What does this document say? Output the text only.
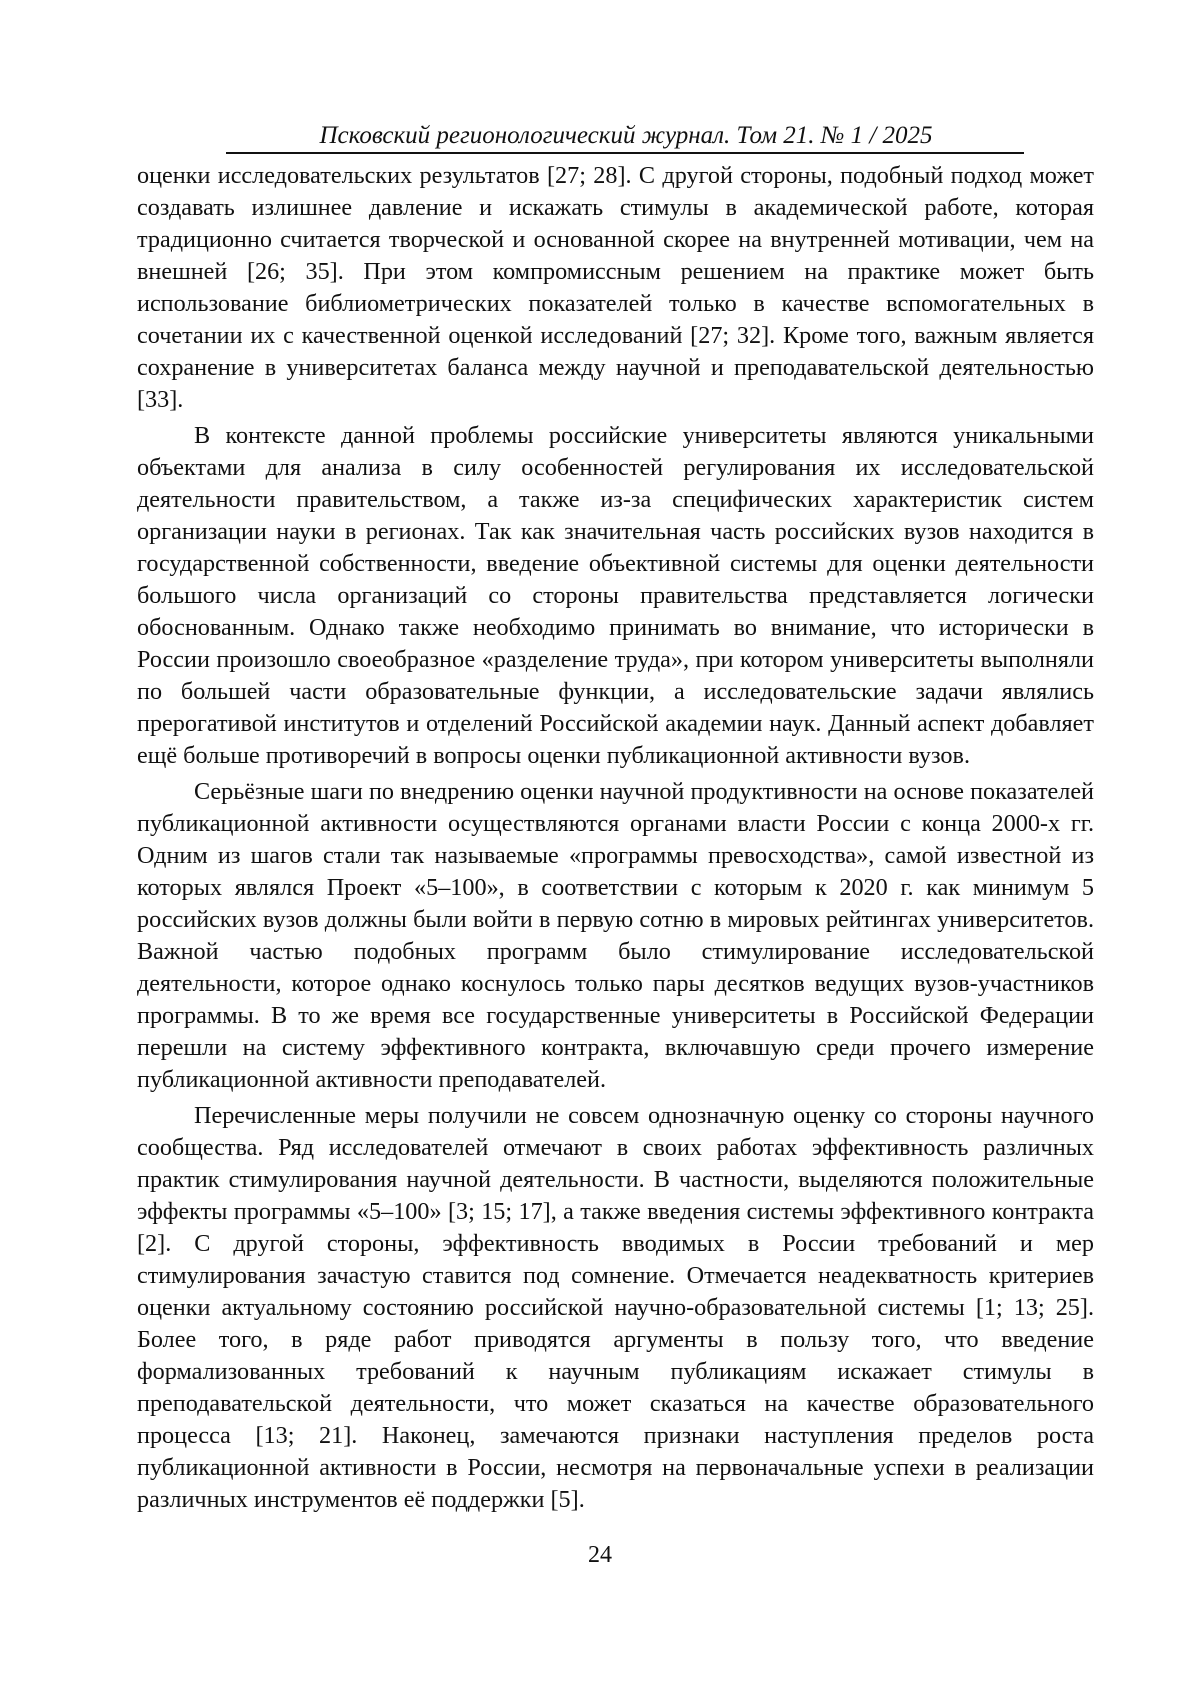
Псковский регионологический журнал. Том 21. № 1 / 2025

оценки исследовательских результатов [27; 28]. С другой стороны, подобный подход может создавать излишнее давление и искажать стимулы в академической работе, которая традиционно считается творческой и основанной скорее на внутренней мотивации, чем на внешней [26; 35]. При этом компромиссным решением на практике может быть использование библиометрических показателей только в качестве вспомогательных в сочетании их с качественной оценкой исследований [27; 32]. Кроме того, важным является сохранение в университетах баланса между научной и преподавательской деятельностью [33].

В контексте данной проблемы российские университеты являются уникальными объектами для анализа в силу особенностей регулирования их исследовательской деятельности правительством, а также из-за специфических характеристик систем организации науки в регионах. Так как значительная часть российских вузов находится в государственной собственности, введение объективной системы для оценки деятельности большого числа организаций со стороны правительства представляется логически обоснованным. Однако также необходимо принимать во внимание, что исторически в России произошло своеобразное «разделение труда», при котором университеты выполняли по большей части образовательные функции, а исследовательские задачи являлись прерогативой институтов и отделений Российской академии наук. Данный аспект добавляет ещё больше противоречий в вопросы оценки публикационной активности вузов.

Серьёзные шаги по внедрению оценки научной продуктивности на основе показателей публикационной активности осуществляются органами власти России с конца 2000-х гг. Одним из шагов стали так называемые «программы превосходства», самой известной из которых являлся Проект «5–100», в соответствии с которым к 2020 г. как минимум 5 российских вузов должны были войти в первую сотню в мировых рейтингах университетов. Важной частью подобных программ было стимулирование исследовательской деятельности, которое однако коснулось только пары десятков ведущих вузов-участников программы. В то же время все государственные университеты в Российской Федерации перешли на систему эффективного контракта, включавшую среди прочего измерение публикационной активности преподавателей.

Перечисленные меры получили не совсем однозначную оценку со стороны научного сообщества. Ряд исследователей отмечают в своих работах эффективность различных практик стимулирования научной деятельности. В частности, выделяются положительные эффекты программы «5–100» [3; 15; 17], а также введения системы эффективного контракта [2]. С другой стороны, эффективность вводимых в России требований и мер стимулирования зачастую ставится под сомнение. Отмечается неадекватность критериев оценки актуальному состоянию российской научно-образовательной системы [1; 13; 25]. Более того, в ряде работ приводятся аргументы в пользу того, что введение формализованных требований к научным публикациям искажает стимулы в преподавательской деятельности, что может сказаться на качестве образовательного процесса [13; 21]. Наконец, замечаются признаки наступления пределов роста публикационной активности в России, несмотря на первоначальные успехи в реализации различных инструментов её поддержки [5].

24
